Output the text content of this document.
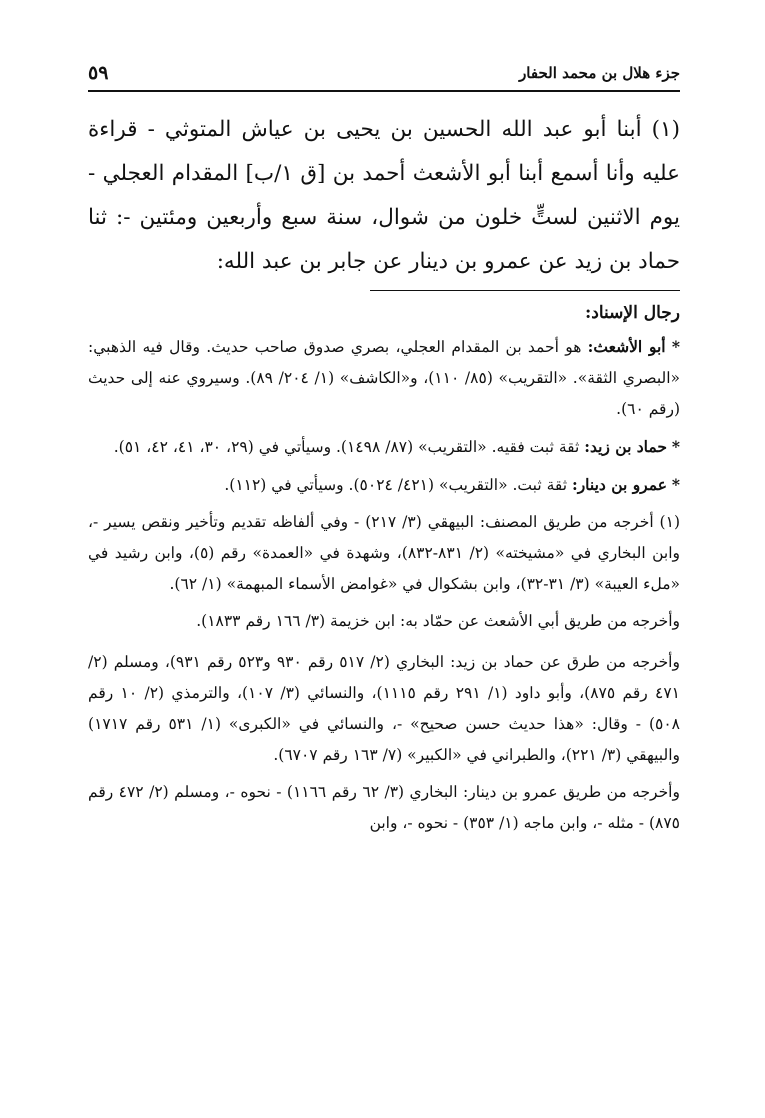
جزء هلال بن محمد الحفار
٥٩

(١) أبنا أبو عبد الله الحسين بن يحيى بن عياش المتوثي - قراءة عليه وأنا أسمع أبنا أبو الأشعث أحمد بن [ق ١/ب] المقدام العجلي - يوم الاثنين لستٍّ خلون من شوال، سنة سبع وأربعين ومئتين -: ثنا حماد بن زيد عن عمرو بن دينار عن جابر بن عبد الله:

رجال الإسناد:

* أبو الأشعث: هو أحمد بن المقدام العجلي، بصري صدوق صاحب حديث. وقال فيه الذهبي: «البصري الثقة». «التقريب» (٨٥/ ١١٠)، و«الكاشف» (١/ ٢٠٤/ ٨٩). وسيروي عنه إلى حديث (رقم ٦٠).

* حماد بن زيد: ثقة ثبت فقيه. «التقريب» (٨٧/ ١٤٩٨). وسيأتي في (٢٩، ٣٠، ٤١، ٤٢، ٥١).

* عمرو بن دينار: ثقة ثبت. «التقريب» (٤٢١/ ٥٠٢٤). وسيأتي في (١١٢).

(١) أخرجه من طريق المصنف: البيهقي (٣/ ٢١٧) - وفي ألفاظه تقديم وتأخير ونقص يسير -، وابن البخاري في «مشيخته» (٢/ ٨٣١-٨٣٢)، وشهدة في «العمدة» رقم (٥)، وابن رشيد في «ملء العيبة» (٣/ ٣١-٣٢)، وابن بشكوال في «غوامض الأسماء المبهمة» (١/ ٦٢).

وأخرجه من طريق أبي الأشعث عن حمّاد به: ابن خزيمة (٣/ ١٦٦ رقم ١٨٣٣).

وأخرجه من طرق عن حماد بن زيد: البخاري (٢/ ٥١٧ رقم ٩٣٠ و٥٢٣ رقم ٩٣١)، ومسلم (٢/ ٤٧١ رقم ٨٧٥)، وأبو داود (١/ ٢٩١ رقم ١١١٥)، والنسائي (٣/ ١٠٧)، والترمذي (٢/ ١٠ رقم ٥٠٨) - وقال: «هذا حديث حسن صحيح» -، والنسائي في «الكبرى» (١/ ٥٣١ رقم ١٧١٧) والبيهقي (٣/ ٢٢١)، والطبراني في «الكبير» (٧/ ١٦٣ رقم ٦٧٠٧).

وأخرجه من طريق عمرو بن دينار: البخاري (٣/ ٦٢ رقم ١١٦٦) - نحوه -، ومسلم (٢/ ٤٧٢ رقم ٨٧٥) - مثله -، وابن ماجه (١/ ٣٥٣) - نحوه -، وابن
